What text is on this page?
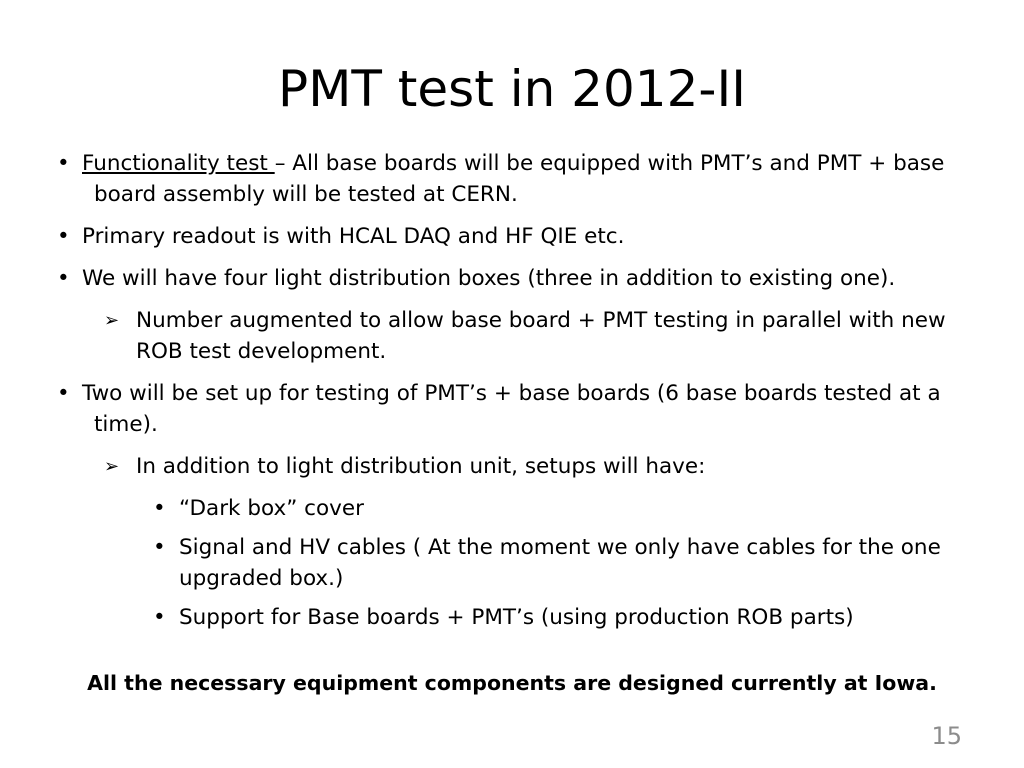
PMT test in 2012-II
• Functionality test – All base boards will be equipped with PMT’s and PMT + base board assembly will be tested at CERN.
• Primary readout is with HCAL DAQ and HF QIE etc.
• We will have four light distribution boxes (three in addition to existing one).
➢ Number augmented to allow base board + PMT testing in parallel with new ROB test development.
• Two will be set up for testing of PMT’s + base boards (6 base boards tested at a time).
➢ In addition to light distribution unit, setups will have:
• “Dark box” cover
• Signal and HV cables ( At the moment we only have cables for the one upgraded box.)
• Support for Base boards + PMT’s (using production ROB parts)
All the necessary equipment components are designed currently at Iowa.
15
